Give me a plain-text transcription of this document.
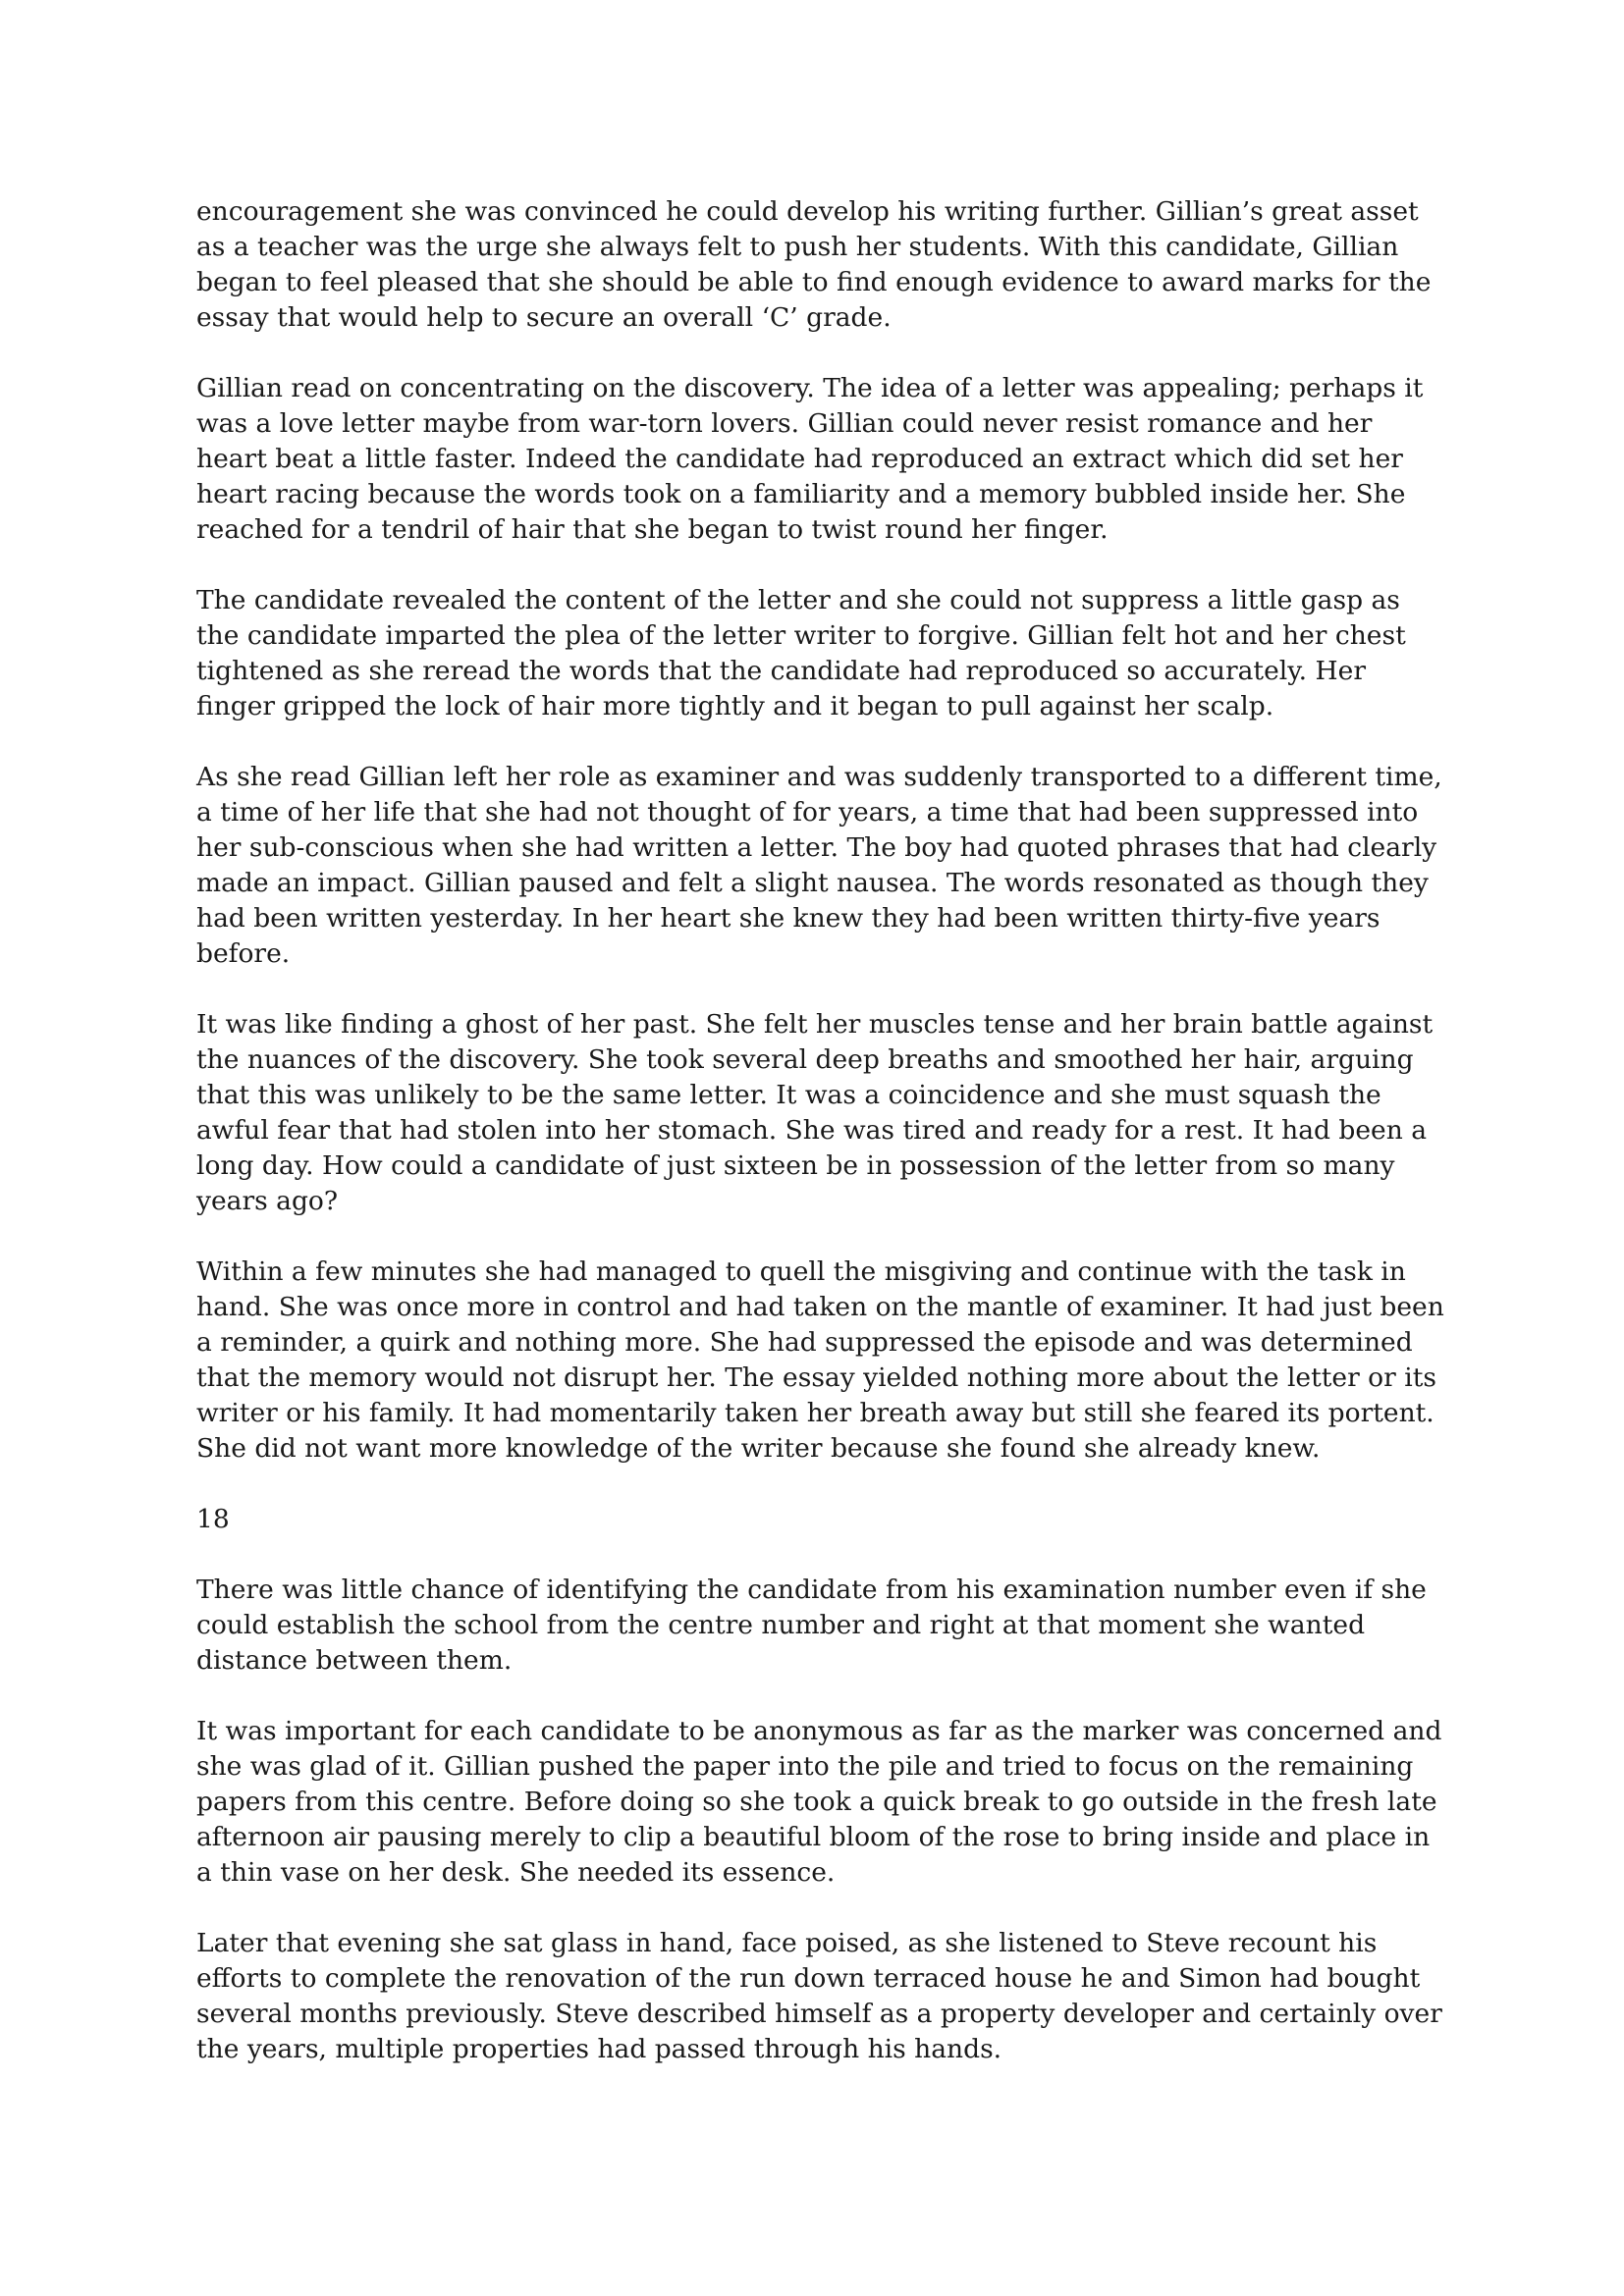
encouragement she was convinced he could develop his writing further. Gillian’s great asset as a teacher was the urge she always felt to push her students. With this candidate, Gillian began to feel pleased that she should be able to find enough evidence to award marks for the essay that would help to secure an overall ‘C’ grade.

Gillian read on concentrating on the discovery. The idea of a letter was appealing; perhaps it was a love letter maybe from war-torn lovers. Gillian could never resist romance and her heart beat a little faster. Indeed the candidate had reproduced an extract which did set her heart racing because the words took on a familiarity and a memory bubbled inside her. She reached for a tendril of hair that she began to twist round her finger.

The candidate revealed the content of the letter and she could not suppress a little gasp as the candidate imparted the plea of the letter writer to forgive. Gillian felt hot and her chest tightened as she reread the words that the candidate had reproduced so accurately. Her finger gripped the lock of hair more tightly and it began to pull against her scalp.

As she read Gillian left her role as examiner and was suddenly transported to a different time, a time of her life that she had not thought of for years, a time that had been suppressed into her sub-conscious when she had written a letter. The boy had quoted phrases that had clearly made an impact. Gillian paused and felt a slight nausea. The words resonated as though they had been written yesterday. In her heart she knew they had been written thirty-five years before.

It was like finding a ghost of her past. She felt her muscles tense and her brain battle against the nuances of the discovery. She took several deep breaths and smoothed her hair, arguing that this was unlikely to be the same letter. It was a coincidence and she must squash the awful fear that had stolen into her stomach. She was tired and ready for a rest. It had been a long day. How could a candidate of just sixteen be in possession of the letter from so many years ago?

Within a few minutes she had managed to quell the misgiving and continue with the task in hand. She was once more in control and had taken on the mantle of examiner. It had just been a reminder, a quirk and nothing more. She had suppressed the episode and was determined that the memory would not disrupt her. The essay yielded nothing more about the letter or its writer or his family. It had momentarily taken her breath away but still she feared its portent. She did not want more knowledge of the writer because she found she already knew.

18

There was little chance of identifying the candidate from his examination number even if she could establish the school from the centre number and right at that moment she wanted distance between them.

It was important for each candidate to be anonymous as far as the marker was concerned and she was glad of it. Gillian pushed the paper into the pile and tried to focus on the remaining papers from this centre. Before doing so she took a quick break to go outside in the fresh late afternoon air pausing merely to clip a beautiful bloom of the rose to bring inside and place in a thin vase on her desk. She needed its essence.

Later that evening she sat glass in hand, face poised, as she listened to Steve recount his efforts to complete the renovation of the run down terraced house he and Simon had bought several months previously. Steve described himself as a property developer and certainly over the years, multiple properties had passed through his hands.
